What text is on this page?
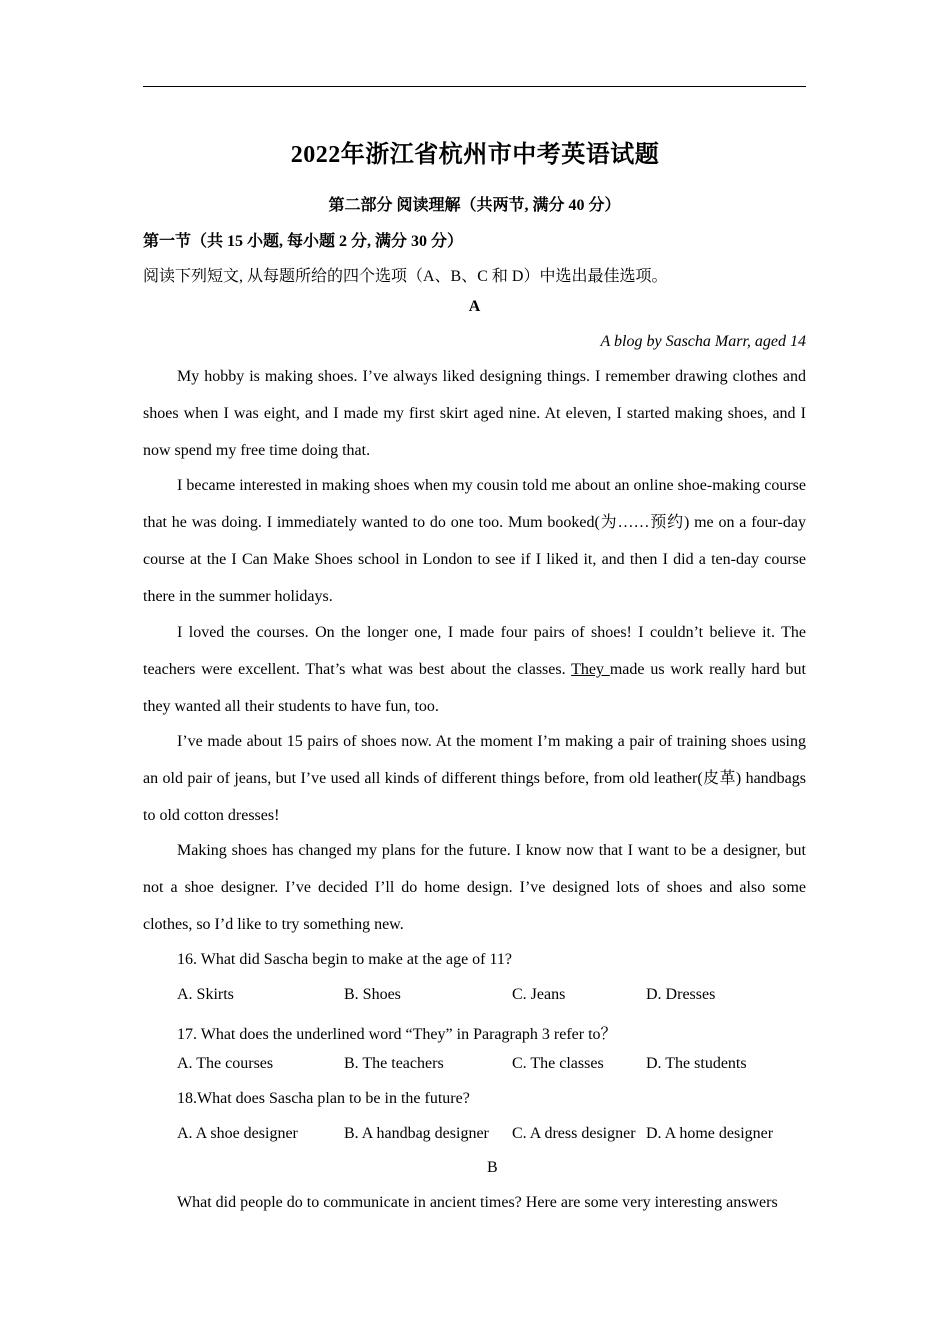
2022年浙江省杭州市中考英语试题
第二部分 阅读理解（共两节, 满分 40 分）
第一节（共 15 小题, 每小题 2 分, 满分 30 分）
阅读下列短文, 从每题所给的四个选项（A、B、C 和 D）中选出最佳选项。
A
A blog by Sascha Marr, aged 14
My hobby is making shoes. I’ve always liked designing things. I remember drawing clothes and shoes when I was eight, and I made my first skirt aged nine. At eleven, I started making shoes, and I now spend my free time doing that.
I became interested in making shoes when my cousin told me about an online shoe-making course that he was doing. I immediately wanted to do one too. Mum booked(为……预约) me on a four-day course at the I Can Make Shoes school in London to see if I liked it, and then I did a ten-day course there in the summer holidays.
I loved the courses. On the longer one, I made four pairs of shoes! I couldn’t believe it. The teachers were excellent. That’s what was best about the classes. They made us work really hard but they wanted all their students to have fun, too.
I’ve made about 15 pairs of shoes now. At the moment I’m making a pair of training shoes using an old pair of jeans, but I’ve used all kinds of different things before, from old leather(皮革) handbags to old cotton dresses!
Making shoes has changed my plans for the future. I know now that I want to be a designer, but not a shoe designer. I’ve decided I’ll do home design. I’ve designed lots of shoes and also some clothes, so I’d like to try something new.
16. What did Sascha begin to make at the age of 11?
A. Skirts	B. Shoes	C. Jeans	D. Dresses
17. What does the underlined word “They” in Paragraph 3 refer to？
A. The courses	B. The teachers	C. The classes	D. The students
18.What does Sascha plan to be in the future?
A. A shoe designer	B. A handbag designer C. A dress designer D. A home designer
B
What did people do to communicate in ancient times? Here are some very interesting answers
